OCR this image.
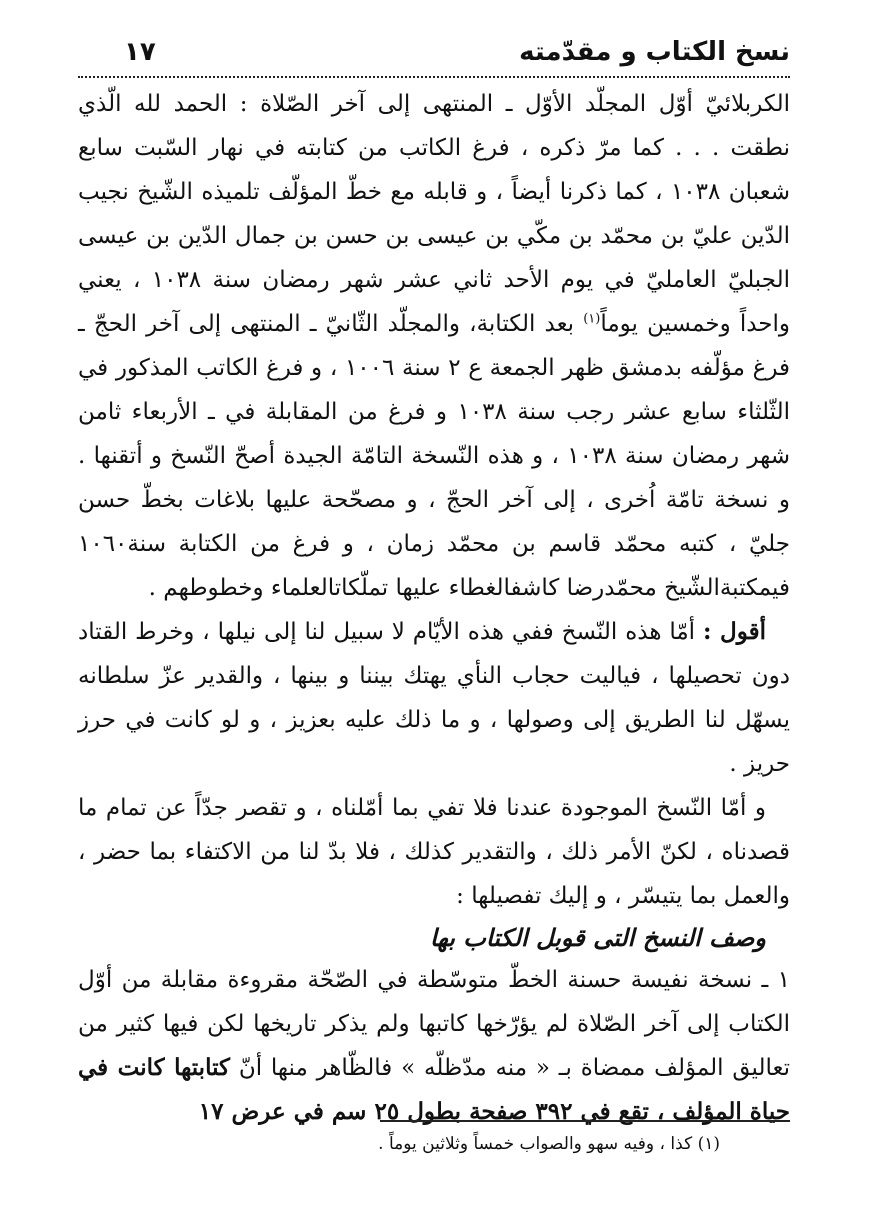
نسخ الكتاب و مقدّمته
١٧

الكربلائيّ أوّل المجلّد الأوّل ـ المنتهى إلى آخر الصّلاة : الحمد لله الّذي نطقت . . . كما مرّ ذكره ، فرغ الكاتب من كتابته في نهار السّبت سابع شعبان ١٠٣٨ ، كما ذكرنا أيضاً ، و قابله مع خطّ المؤلّف تلميذه الشّيخ نجيب الدّين عليّ بن محمّد بن مكّي بن عيسى بن حسن بن جمال الدّين بن عيسى الجبليّ العامليّ في يوم الأحد ثاني عشر شهر رمضان سنة ١٠٣٨ ، يعني واحداً وخمسين يوماً$^{(١)}$ بعد الكتابة، والمجلّد الثّانيّ ـ المنتهى إلى آخر الحجّ ـ فرغ مؤلّفه بدمشق ظهر الجمعة ع ٢ سنة ١٠٠٦ ، و فرغ الكاتب المذكور في الثّلثاء سابع عشر رجب سنة ١٠٣٨ و فرغ من المقابلة في ـ الأربعاء ثامن شهر رمضان سنة ١٠٣٨ ، و هذه النّسخة التامّة الجيدة أصحّ النّسخ و أتقنها . و نسخة تامّة اُخرى ، إلى آخر الحجّ ، و مصحّحة عليها بلاغات بخطّ حسن جليّ ، كتبه محمّد قاسم بن محمّد زمان ، و فرغ من الكتابة سنة١٠٦٠ فيمكتبةالشّيخ محمّدرضا كاشفالغطاء عليها تملّكاتالعلماء وخطوطهم .

أقول : أمّا هذه النّسخ ففي هذه الأيّام لا سبيل لنا إلى نيلها ، وخرط القتاد دون تحصيلها ، فياليت حجاب النأي يهتك بيننا و بينها ، والقدير عزّ سلطانه يسهّل لنا الطريق إلى وصولها ، و ما ذلك عليه بعزيز ، و لو كانت في حرز حريز .

و أمّا النّسخ الموجودة عندنا فلا تفي بما أمّلناه ، و تقصر جدّاً عن تمام ما قصدناه ، لكنّ الأمر ذلك ، والتقدير كذلك ، فلا بدّ لنا من الاكتفاء بما حضر ، والعمل بما يتيسّر ، و إليك تفصيلها :

وصف النسخ التى قوبل الكتاب بها

١ ـ نسخة نفيسة حسنة الخطّ متوسّطة في الصّحّة مقروءة مقابلة من أوّل الكتاب إلى آخر الصّلاة لم يؤرّخها كاتبها ولم يذكر تاريخها لكن فيها كثير من تعاليق المؤلف ممضاة بـ « منه مدّظلّه » فالظّاهر منها أنّ كتابتها كانت في حياة المؤلف ، تقع في ٣٩٢ صفحة بطول ٢٥ سم في عرض ١٧

(١) كذا ، وفيه سهو والصواب خمساً وثلاثين يوماً .
